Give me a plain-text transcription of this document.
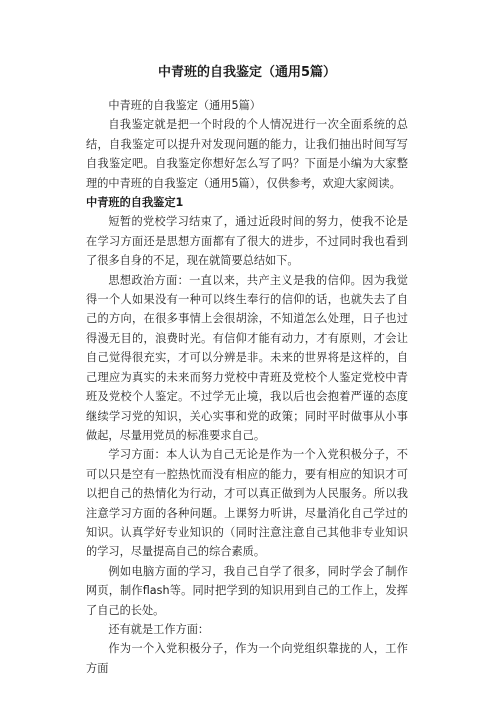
中青班的自我鉴定（通用5篇）

中青班的自我鉴定（通用5篇）

自我鉴定就是把一个时段的个人情况进行一次全面系统的总结，自我鉴定可以提升对发现问题的能力，让我们抽出时间写写自我鉴定吧。自我鉴定你想好怎么写了吗？下面是小编为大家整理的中青班的自我鉴定（通用5篇），仅供参考，欢迎大家阅读。

中青班的自我鉴定1

短暂的党校学习结束了，通过近段时间的努力，使我不论是在学习方面还是思想方面都有了很大的进步，不过同时我也看到了很多自身的不足，现在就简要总结如下。

思想政治方面：一直以来，共产主义是我的信仰。因为我觉得一个人如果没有一种可以终生奉行的信仰的话，也就失去了自己的方向，在很多事情上会很胡涂，不知道怎么处理，日子也过得漫无目的，浪费时光。有信仰才能有动力，才有原则，才会让自己觉得很充实，才可以分辨是非。未来的世界将是这样的，自己理应为真实的未来而努力党校中青班及党校个人鉴定党校中青班及党校个人鉴定。不过学无止境，我以后也会抱着严谨的态度继续学习党的知识，关心实事和党的政策；同时平时做事从小事做起，尽量用党员的标准要求自己。

学习方面：本人认为自己无论是作为一个入党积极分子，不可以只是空有一腔热忱而没有相应的能力，要有相应的知识才可以把自己的热情化为行动，才可以真正做到为人民服务。所以我注意学习方面的各种问题。上课努力听讲，尽量消化自己学过的知识。认真学好专业知识的（同时注意注意自己其他非专业知识的学习，尽量提高自己的综合素质。

例如电脑方面的学习，我自己自学了很多，同时学会了制作网页，制作flash等。同时把学到的知识用到自己的工作上，发挥了自己的长处。

还有就是工作方面：

作为一个入党积极分子，作为一个向党组织靠拢的人，工作方面
